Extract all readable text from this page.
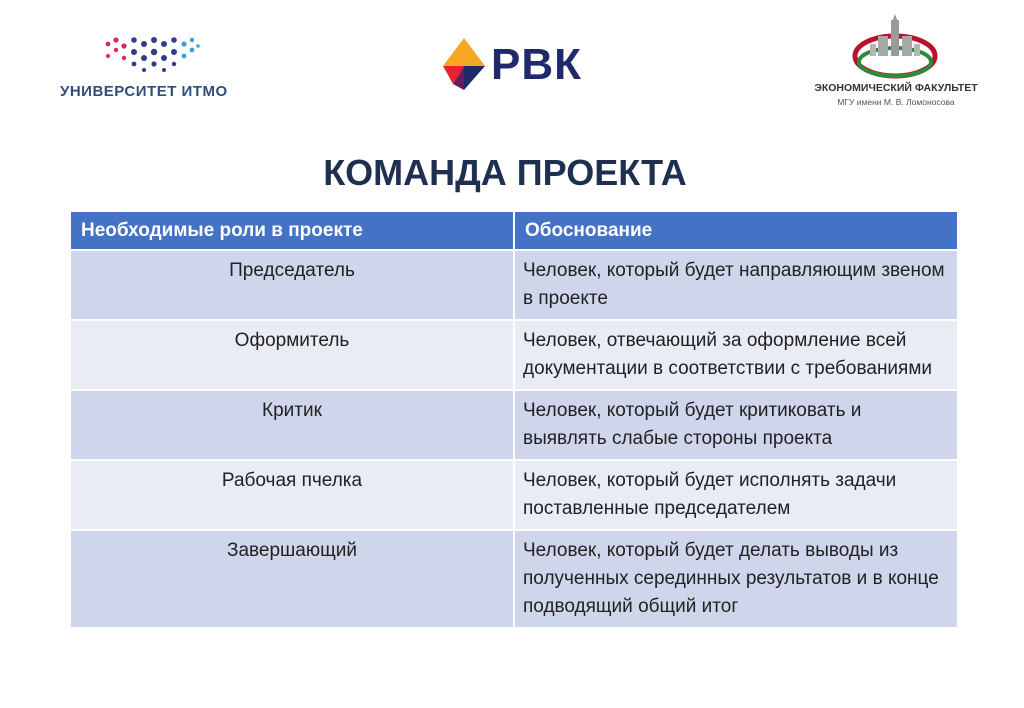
УНИВЕРСИТЕТ ИТМО
РВК	ЭКОНОМИЧЕСКИЙ ФАКУЛЬТЕТ
МГУ имени М. В. Ломоносова
КОМАНДА ПРОЕКТА
Необходимые роли в проекте	Обоснование
Председатель	Человек, который будет направляющим звеном в проекте
Оформитель	Человек, отвечающий за оформление всей документации в соответствии с требованиями
Критик	Человек, который будет критиковать и выявлять слабые стороны проекта
Рабочая пчелка	Человек, который будет исполнять задачи поставленные председателем
Завершающий	Человек, который будет делать выводы из полученных серединных результатов и в конце подводящий общий итог
